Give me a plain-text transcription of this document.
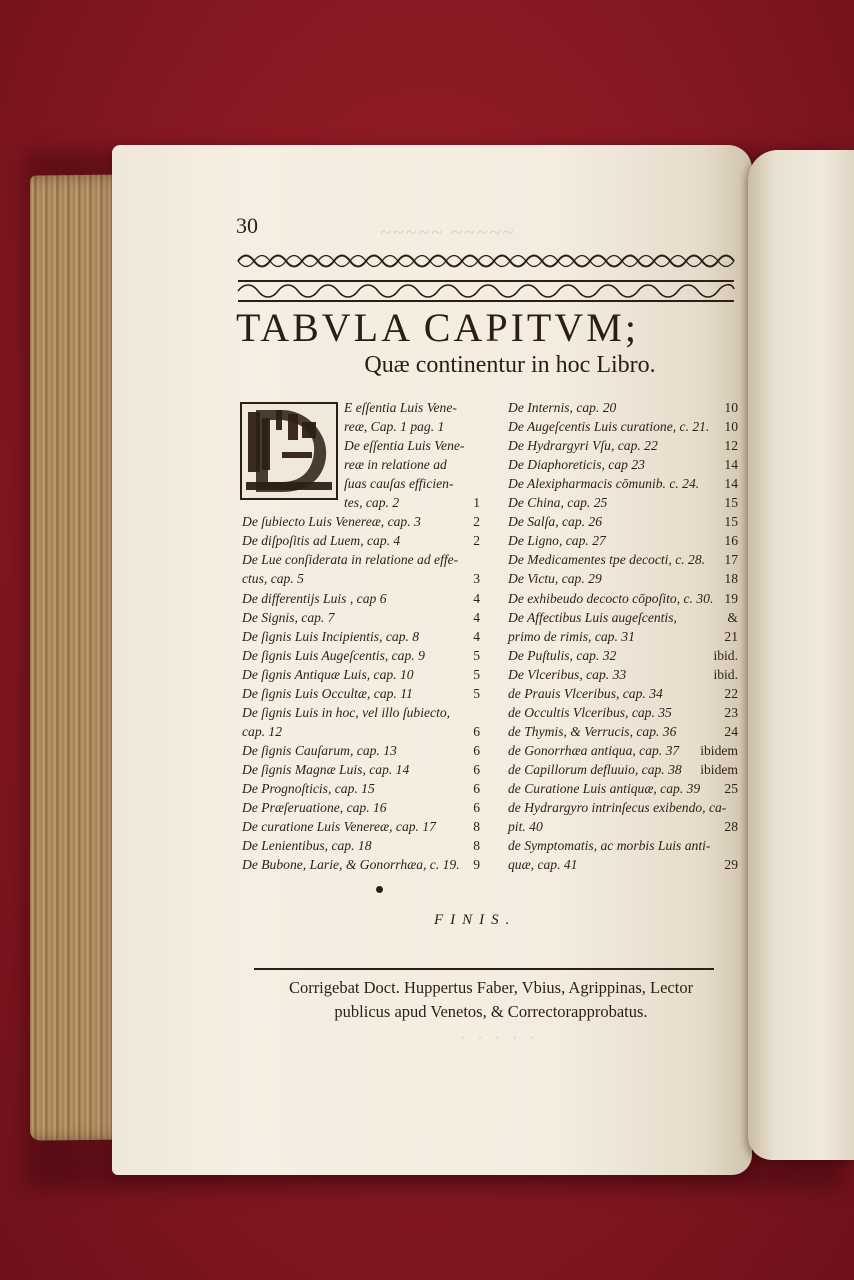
~~~~~ ~~~~~
· · · · ·
30
TABVLA CAPITVM;
Quæ continentur in hoc Libro.
E eſſentia Luis Vene-
reæ, Cap. 1 pag. 1
De eſſentia Luis Vene-
reæ in relatione ad
ſuas cauſas efficien-
tes, cap. 2	1
De ſubiecto Luis Venereæ, cap. 3	2
De diſpoſitis ad Luem, cap. 4	2
De Lue conſiderata in relatione ad effe-
ctus, cap. 5	3
De differentijs Luis , cap 6	4
De Signis, cap. 7	4
De ſignis Luis Incipientis, cap. 8	4
De ſignis Luis Augeſcentis, cap. 9	5
De ſignis Antiquæ Luis, cap. 10	5
De ſignis Luis Occultæ, cap. 11	5
De ſignis Luis in hoc, vel illo ſubiecto,
cap. 12	6
De ſignis Cauſarum, cap. 13	6
De ſignis Magnæ Luis, cap. 14	6
De Prognoſticis, cap. 15	6
De Præſeruatione, cap. 16	6
De curatione Luis Venereæ, cap. 17	8
De Lenientibus, cap. 18	8
De Bubone, Larie, & Gonorrhæa, c. 19. 9
De Internis, cap. 20	10
De Augeſcentis Luis curatione, c. 21.	10
De Hydrargyri Vſu, cap. 22	12
De Diaphoreticis, cap 23	14
De Alexipharmacis cōmunib. c. 24.	14
De China, cap. 25	15
De Salſa, cap. 26	15
De Ligno, cap. 27	16
De Medicamentes tpe decocti, c. 28.	17
De Victu, cap. 29	18
De exhibeudo decocto cōpoſito, c. 30. 19
De Affectibus Luis augeſcentis,	&
primo de rimis, cap. 31	21
De Puſtulis, cap. 32	ibid.
De Vlceribus, cap. 33	ibid.
de Prauis Vlceribus, cap. 34	22
de Occultis Vlceribus, cap. 35	23
de Thymis, & Verrucis, cap. 36	24
de Gonorrhæa antiqua, cap. 37	ibidem
de Capillorum defluuio, cap. 38	ibidem
de Curatione Luis antiquæ, cap. 39	25
de Hydrargyro intrinſecus exibendo, ca-
pit. 40	28
de Symptomatis, ac morbis Luis anti-
quæ, cap. 41	29
FINIS.
Corrigebat Doct. Huppertus Faber, Vbius, Agrippinas, Lector
publicus apud Venetos, & Correctorapprobatus.
